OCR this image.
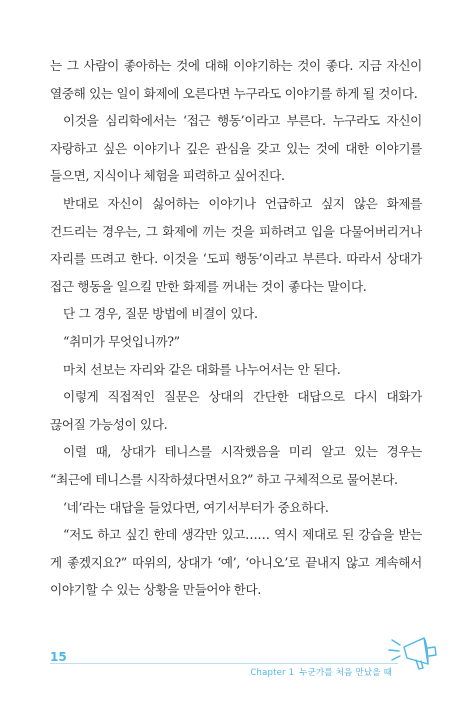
는 그 사람이 좋아하는 것에 대해 이야기하는 것이 좋다. 지금 자신이 열중해 있는 일이 화제에 오른다면 누구라도 이야기를 하게 될 것이다.

이것을 심리학에서는 ‘접근 행동’이라고 부른다. 누구라도 자신이 자랑하고 싶은 이야기나 깊은 관심을 갖고 있는 것에 대한 이야기를 들으면, 지식이나 체험을 피력하고 싶어진다.

반대로 자신이 싫어하는 이야기나 언급하고 싶지 않은 화제를 건드리는 경우는, 그 화제에 끼는 것을 피하려고 입을 다물어버리거나 자리를 뜨려고 한다. 이것을 ‘도피 행동’이라고 부른다. 따라서 상대가 접근 행동을 일으킬 만한 화제를 꺼내는 것이 좋다는 말이다.

단 그 경우, 질문 방법에 비결이 있다.

“취미가 무엇입니까?”

마치 선보는 자리와 같은 대화를 나누어서는 안 된다.

이렇게 직접적인 질문은 상대의 간단한 대답으로 다시 대화가 끊어질 가능성이 있다.

이럴 때, 상대가 테니스를 시작했음을 미리 알고 있는 경우는 “최근에 테니스를 시작하셨다면서요?” 하고 구체적으로 물어본다.

‘네’라는 대답을 들었다면, 여기서부터가 중요하다.

“저도 하고 싶긴 한데 생각만 있고…… 역시 제대로 된 강습을 받는 게 좋겠지요?” 따위의, 상대가 ‘예’, ‘아니오’로 끝내지 않고 계속해서 이야기할 수 있는 상황을 만들어야 한다.

15
Chapter 1 누군가를 처음 만났을 때
